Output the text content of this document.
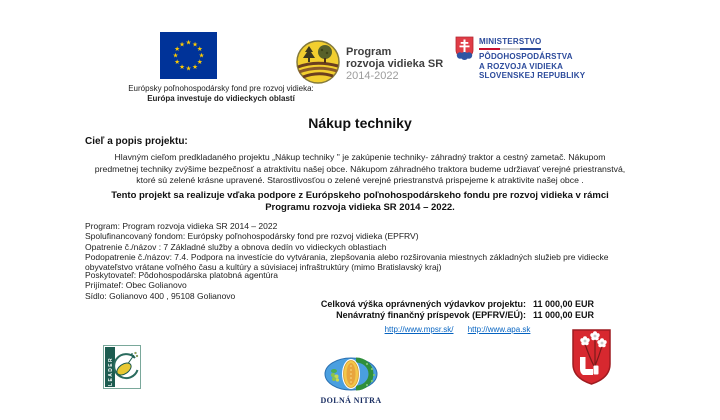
★ ★
★
★
★
★
★
★
★
★
★
★
Európsky poľnohospodársky fond pre rozvoj vidieka:
Európa investuje do vidieckych oblastí
Program
rozvoja vidieka SR
2014-2022
MINISTERSTVO
PÔDOHOSPODÁRSTVA
A ROZVOJA VIDIEKA
SLOVENSKEJ REPUBLIKY
Nákup techniky
Cieľ a popis projektu:
Hlavným cieľom predkladaného projektu „Nákup techniky " je zakúpenie techniky- záhradný traktor a cestný zametač. Nákupom predmetnej techniky zvýšime bezpečnosť a atraktivitu našej obce. Nákupom záhradného traktora budeme udržiavať verejné priestranstvá, ktoré sú zelené krásne upravené. Starostlivosťou o zelené verejné priestranstvá prispejeme k atraktivite našej obce .
Tento projekt sa realizuje vďaka podpore z Európskeho poľnohospodárskeho fondu pre rozvoj vidieka v rámci Programu rozvoja vidieka SR 2014 – 2022.
Program: Program rozvoja vidieka SR 2014 – 2022
Spolufinancovaný fondom: Európsky poľnohospodársky fond pre rozvoj vidieka (EPFRV)
Opatrenie č./názov : 7 Základné služby a obnova dedín vo vidieckych oblastiach
Podopatrenie č./názov: 7.4. Podpora na investície do vytvárania, zlepšovania alebo rozširovania miestnych základných služieb pre vidiecke obyvateľstvo vrátane voľného času a kultúry a súvisiacej infraštruktúry (mimo Bratislavský kraj)
Poskytovateľ: Pôdohospodárska platobná agentúra
Prijímateľ: Obec Golianovo
Sídlo: Golianovo 400 , 95108 Golianovo
Celková výška oprávnených výdavkov projektu: 11 000,00 EUR
Nenávratný finančný príspevok (EPFRV/EÚ): 11 000,00 EUR
http://www.mpsr.sk/ http://www.apa.sk
LEADER
DOLNÁ NITRA
